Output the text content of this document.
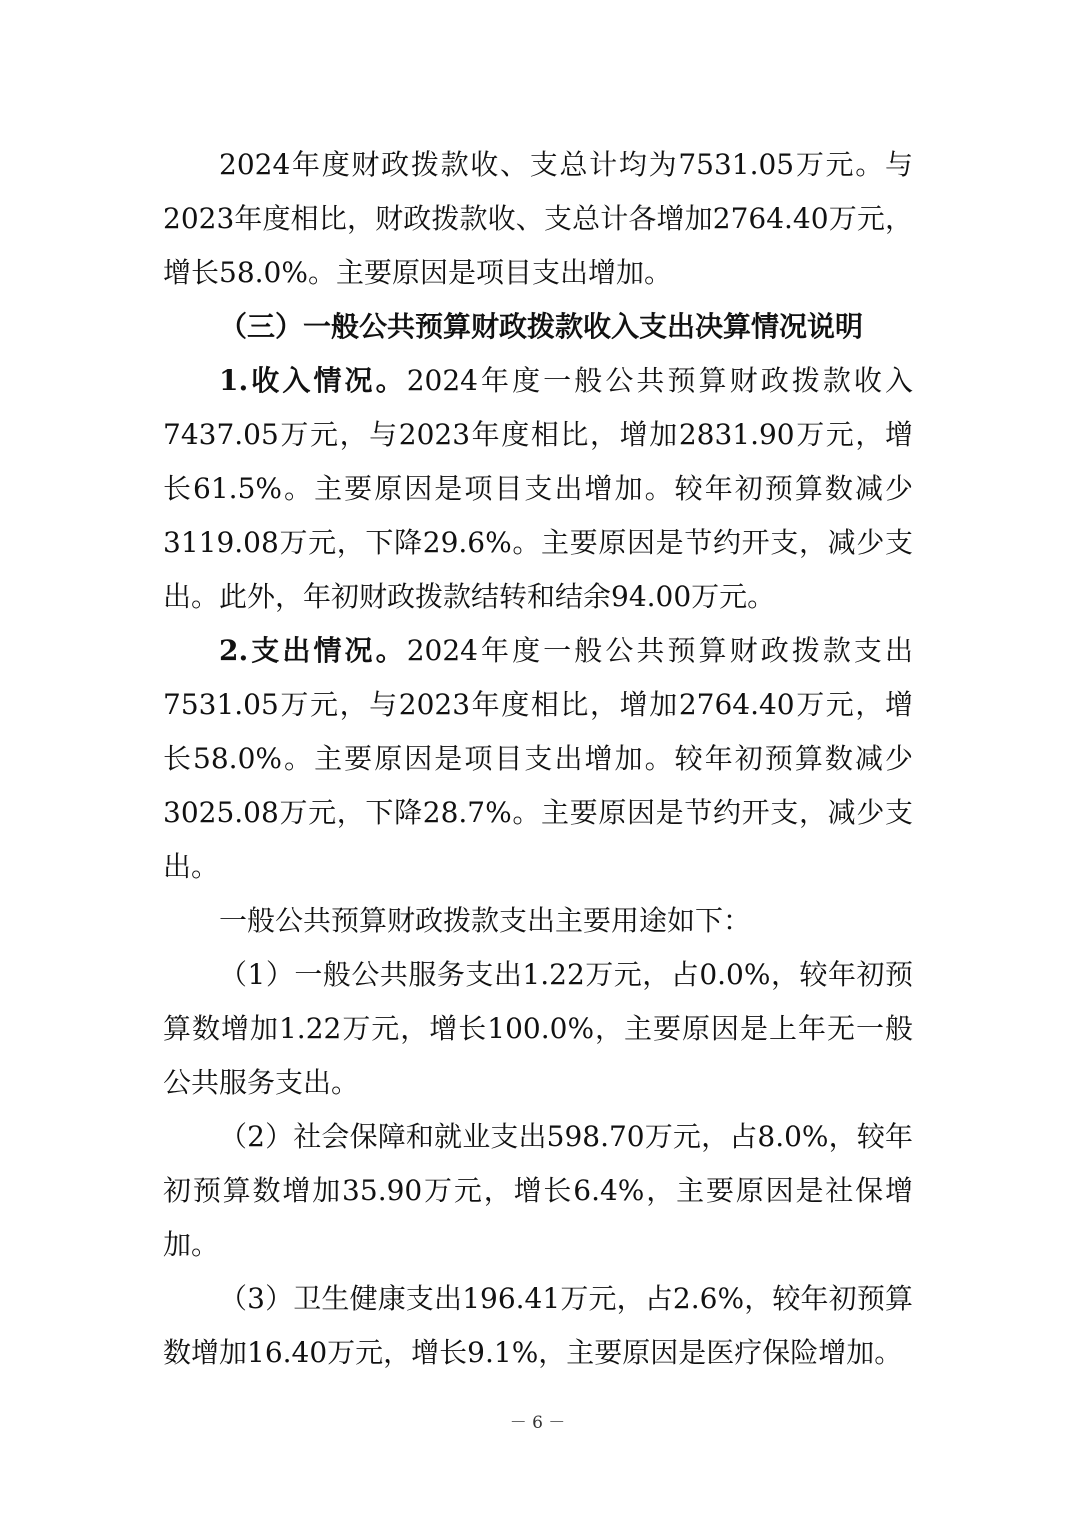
2024年度财政拨款收、支总计均为7531.05万元。与2023年度相比，财政拨款收、支总计各增加2764.40万元，增长58.0%。主要原因是项目支出增加。

（三）一般公共预算财政拨款收入支出决算情况说明

1.收入情况。2024年度一般公共预算财政拨款收入7437.05万元，与2023年度相比，增加2831.90万元，增长61.5%。主要原因是项目支出增加。较年初预算数减少3119.08万元，下降29.6%。主要原因是节约开支，减少支出。此外，年初财政拨款结转和结余94.00万元。

2.支出情况。2024年度一般公共预算财政拨款支出7531.05万元，与2023年度相比，增加2764.40万元，增长58.0%。主要原因是项目支出增加。较年初预算数减少3025.08万元，下降28.7%。主要原因是节约开支，减少支出。

一般公共预算财政拨款支出主要用途如下：

（1）一般公共服务支出1.22万元，占0.0%，较年初预算数增加1.22万元，增长100.0%，主要原因是上年无一般公共服务支出。

（2）社会保障和就业支出598.70万元，占8.0%，较年初预算数增加35.90万元，增长6.4%，主要原因是社保增加。

（3）卫生健康支出196.41万元，占2.6%，较年初预算数增加16.40万元，增长9.1%，主要原因是医疗保险增加。

－ 6 －
